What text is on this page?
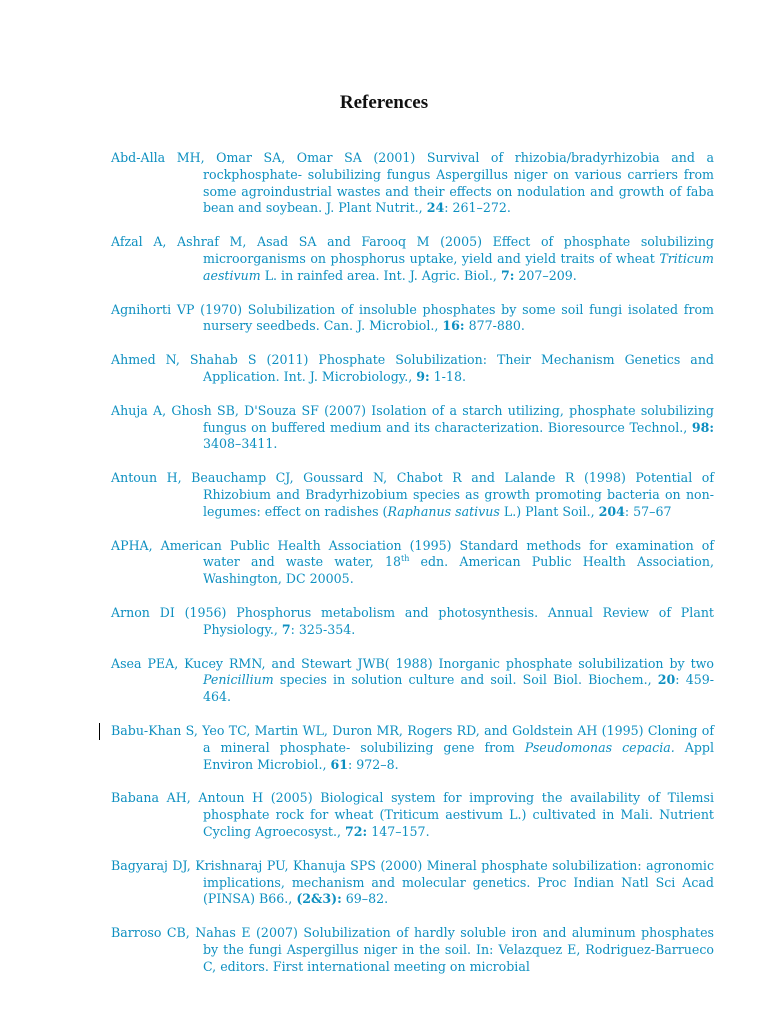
References
Abd-Alla MH, Omar SA, Omar SA (2001) Survival of rhizobia/bradyrhizobia and a rockphosphate- solubilizing fungus Aspergillus niger on various carriers from some agroindustrial wastes and their effects on nodulation and growth of faba bean and soybean. J. Plant Nutrit., 24: 261–272.
Afzal A, Ashraf M, Asad SA and Farooq M (2005) Effect of phosphate solubilizing microorganisms on phosphorus uptake, yield and yield traits of wheat Triticum aestivum L. in rainfed area. Int. J. Agric. Biol., 7: 207–209.
Agnihorti VP (1970) Solubilization of insoluble phosphates by some soil fungi isolated from nursery seedbeds. Can. J. Microbiol., 16: 877-880.
Ahmed N, Shahab S (2011) Phosphate Solubilization: Their Mechanism Genetics and Application. Int. J. Microbiology., 9: 1-18.
Ahuja A, Ghosh SB, D'Souza SF (2007) Isolation of a starch utilizing, phosphate solubilizing fungus on buffered medium and its characterization. Bioresource Technol., 98: 3408–3411.
Antoun H, Beauchamp CJ, Goussard N, Chabot R and Lalande R (1998) Potential of Rhizobium and Bradyrhizobium species as growth promoting bacteria on non-legumes: effect on radishes (Raphanus sativus L.) Plant Soil., 204: 57–67
APHA, American Public Health Association (1995) Standard methods for examination of water and waste water, 18th edn. American Public Health Association, Washington, DC 20005.
Arnon DI (1956) Phosphorus metabolism and photosynthesis. Annual Review of Plant Physiology., 7: 325-354.
Asea PEA, Kucey RMN, and Stewart JWB( 1988) Inorganic phosphate solubilization by two Penicillium species in solution culture and soil. Soil Biol. Biochem., 20: 459-464.
Babu-Khan S, Yeo TC, Martin WL, Duron MR, Rogers RD, and Goldstein AH (1995) Cloning of a mineral phosphate- solubilizing gene from Pseudomonas cepacia. Appl Environ Microbiol., 61: 972–8.
Babana AH, Antoun H (2005) Biological system for improving the availability of Tilemsi phosphate rock for wheat (Triticum aestivum L.) cultivated in Mali. Nutrient Cycling Agroecosyst., 72: 147–157.
Bagyaraj DJ, Krishnaraj PU, Khanuja SPS (2000) Mineral phosphate solubilization: agronomic implications, mechanism and molecular genetics. Proc Indian Natl Sci Acad (PINSA) B66., (2&3): 69–82.
Barroso CB, Nahas E (2007) Solubilization of hardly soluble iron and aluminum phosphates by the fungi Aspergillus niger in the soil. In: Velazquez E, Rodriguez-Barrueco C, editors. First international meeting on microbial
